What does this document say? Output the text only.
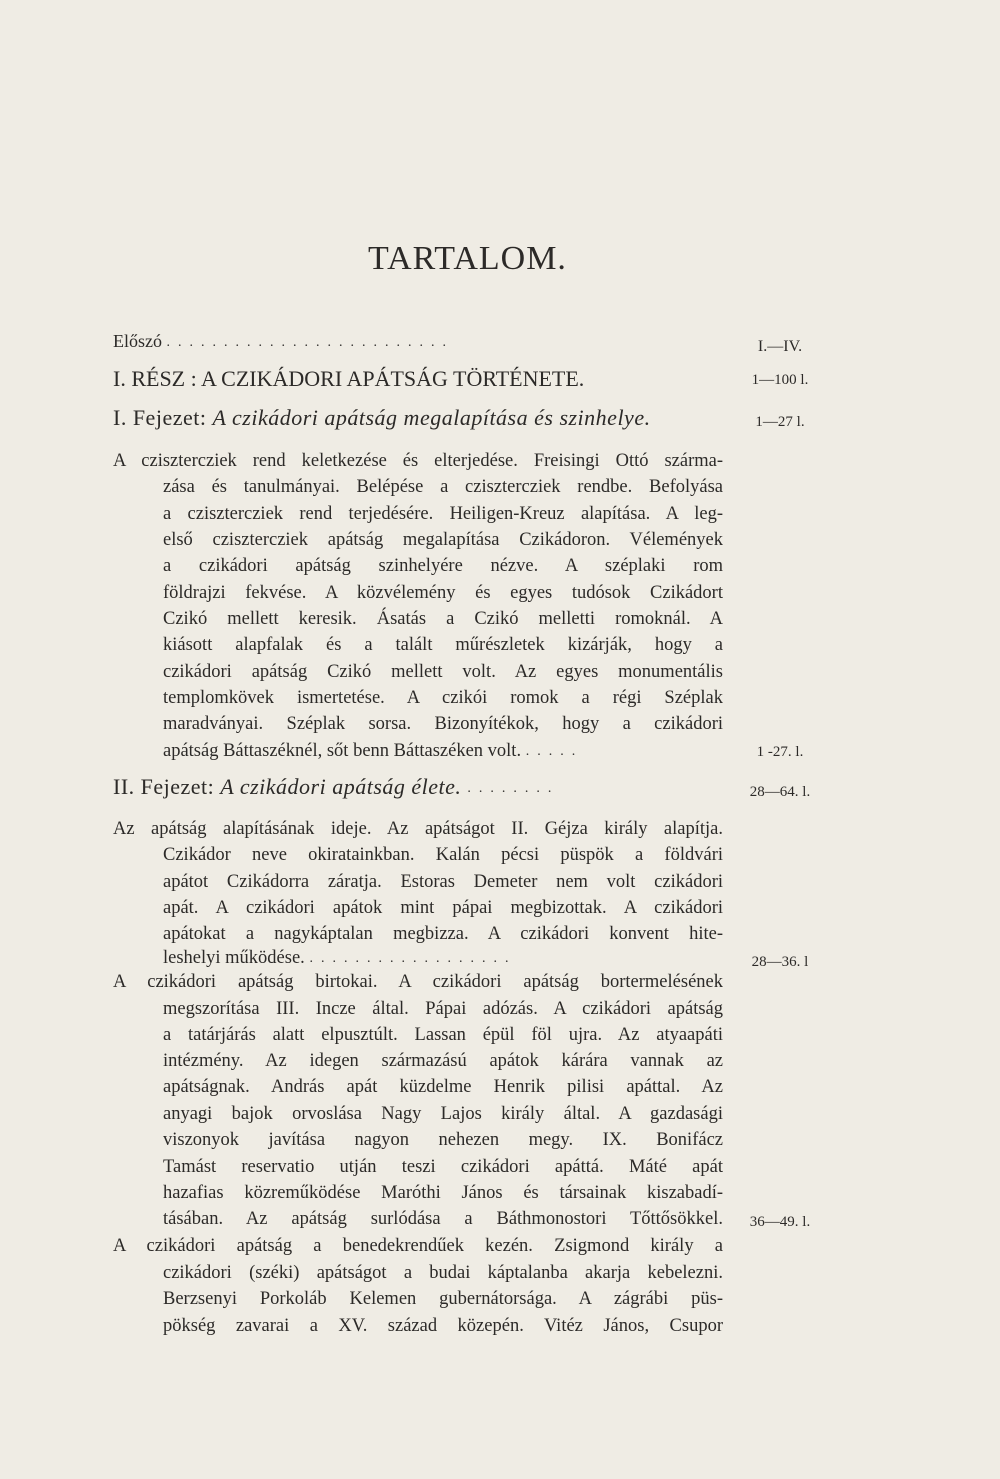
TARTALOM.
Előszó .........................	I.—IV.
I. RÉSZ : A CZIKÁDORI APÁTSÁG TÖRTÉNETE.	1—100 l.
I. Fejezet: A czikádori apátság megalapítása és szinhelye.	1—27 l.
A czisztercziek rend keletkezése és elterjedése. Freisingi Ottó szárma-
zása és tanulmányai. Belépése a czisztercziek rendbe. Befolyása
a czisztercziek rend terjedésére. Heiligen-Kreuz alapítása. A leg-
első czisztercziek apátság megalapítása Czikádoron. Vélemények
a czikádori apátság szinhelyére nézve. A széplaki rom
földrajzi fekvése. A közvélemény és egyes tudósok Czikádort
Czikó mellett keresik. Ásatás a Czikó melletti romoknál. A
kiásott alapfalak és a talált műrészletek kizárják, hogy a
czikádori apátság Czikó mellett volt. Az egyes monumentális
templomkövek ismertetése. A czikói romok a régi Széplak
maradványai. Széplak sorsa. Bizonyítékok, hogy a czikádori
apátság Báttaszéknél, sőt benn Báttaszéken volt. .....	1 -27. l.
II. Fejezet: A czikádori apátság élete. ........	28—64. l.
Az apátság alapításának ideje. Az apátságot II. Géjza király alapítja.
Czikádor neve okiratainkban. Kalán pécsi püspök a földvári
apátot Czikádorra záratja. Estoras Demeter nem volt czikádori
apát. A czikádori apátok mint pápai megbizottak. A czikádori
apátokat a nagykáptalan megbizza. A czikádori konvent hite-
leshelyi működése. ..................	28—36. l
A czikádori apátság birtokai. A czikádori apátság bortermelésének
megszorítása III. Incze által. Pápai adózás. A czikádori apátság
a tatárjárás alatt elpusztúlt. Lassan épül föl ujra. Az atyaapáti
intézmény. Az idegen származású apátok kárára vannak az
apátságnak. András apát küzdelme Henrik pilisi apáttal. Az
anyagi bajok orvoslása Nagy Lajos király által. A gazdasági
viszonyok javítása nagyon nehezen megy. IX. Bonifácz
Tamást reservatio utján teszi czikádori apáttá. Máté apát
hazafias közreműködése Maróthi János és társainak kiszabadí-
tásában. Az apátság surlódása a Báthmonostori Tőttősökkel.	36—49. l.
A czikádori apátság a benedekrendűek kezén. Zsigmond király a
czikádori (széki) apátságot a budai káptalanba akarja kebelezni.
Berzsenyi Porkoláb Kelemen gubernátorsága. A zágrábi püs-
pökség zavarai a XV. század közepén. Vitéz János, Csupor
